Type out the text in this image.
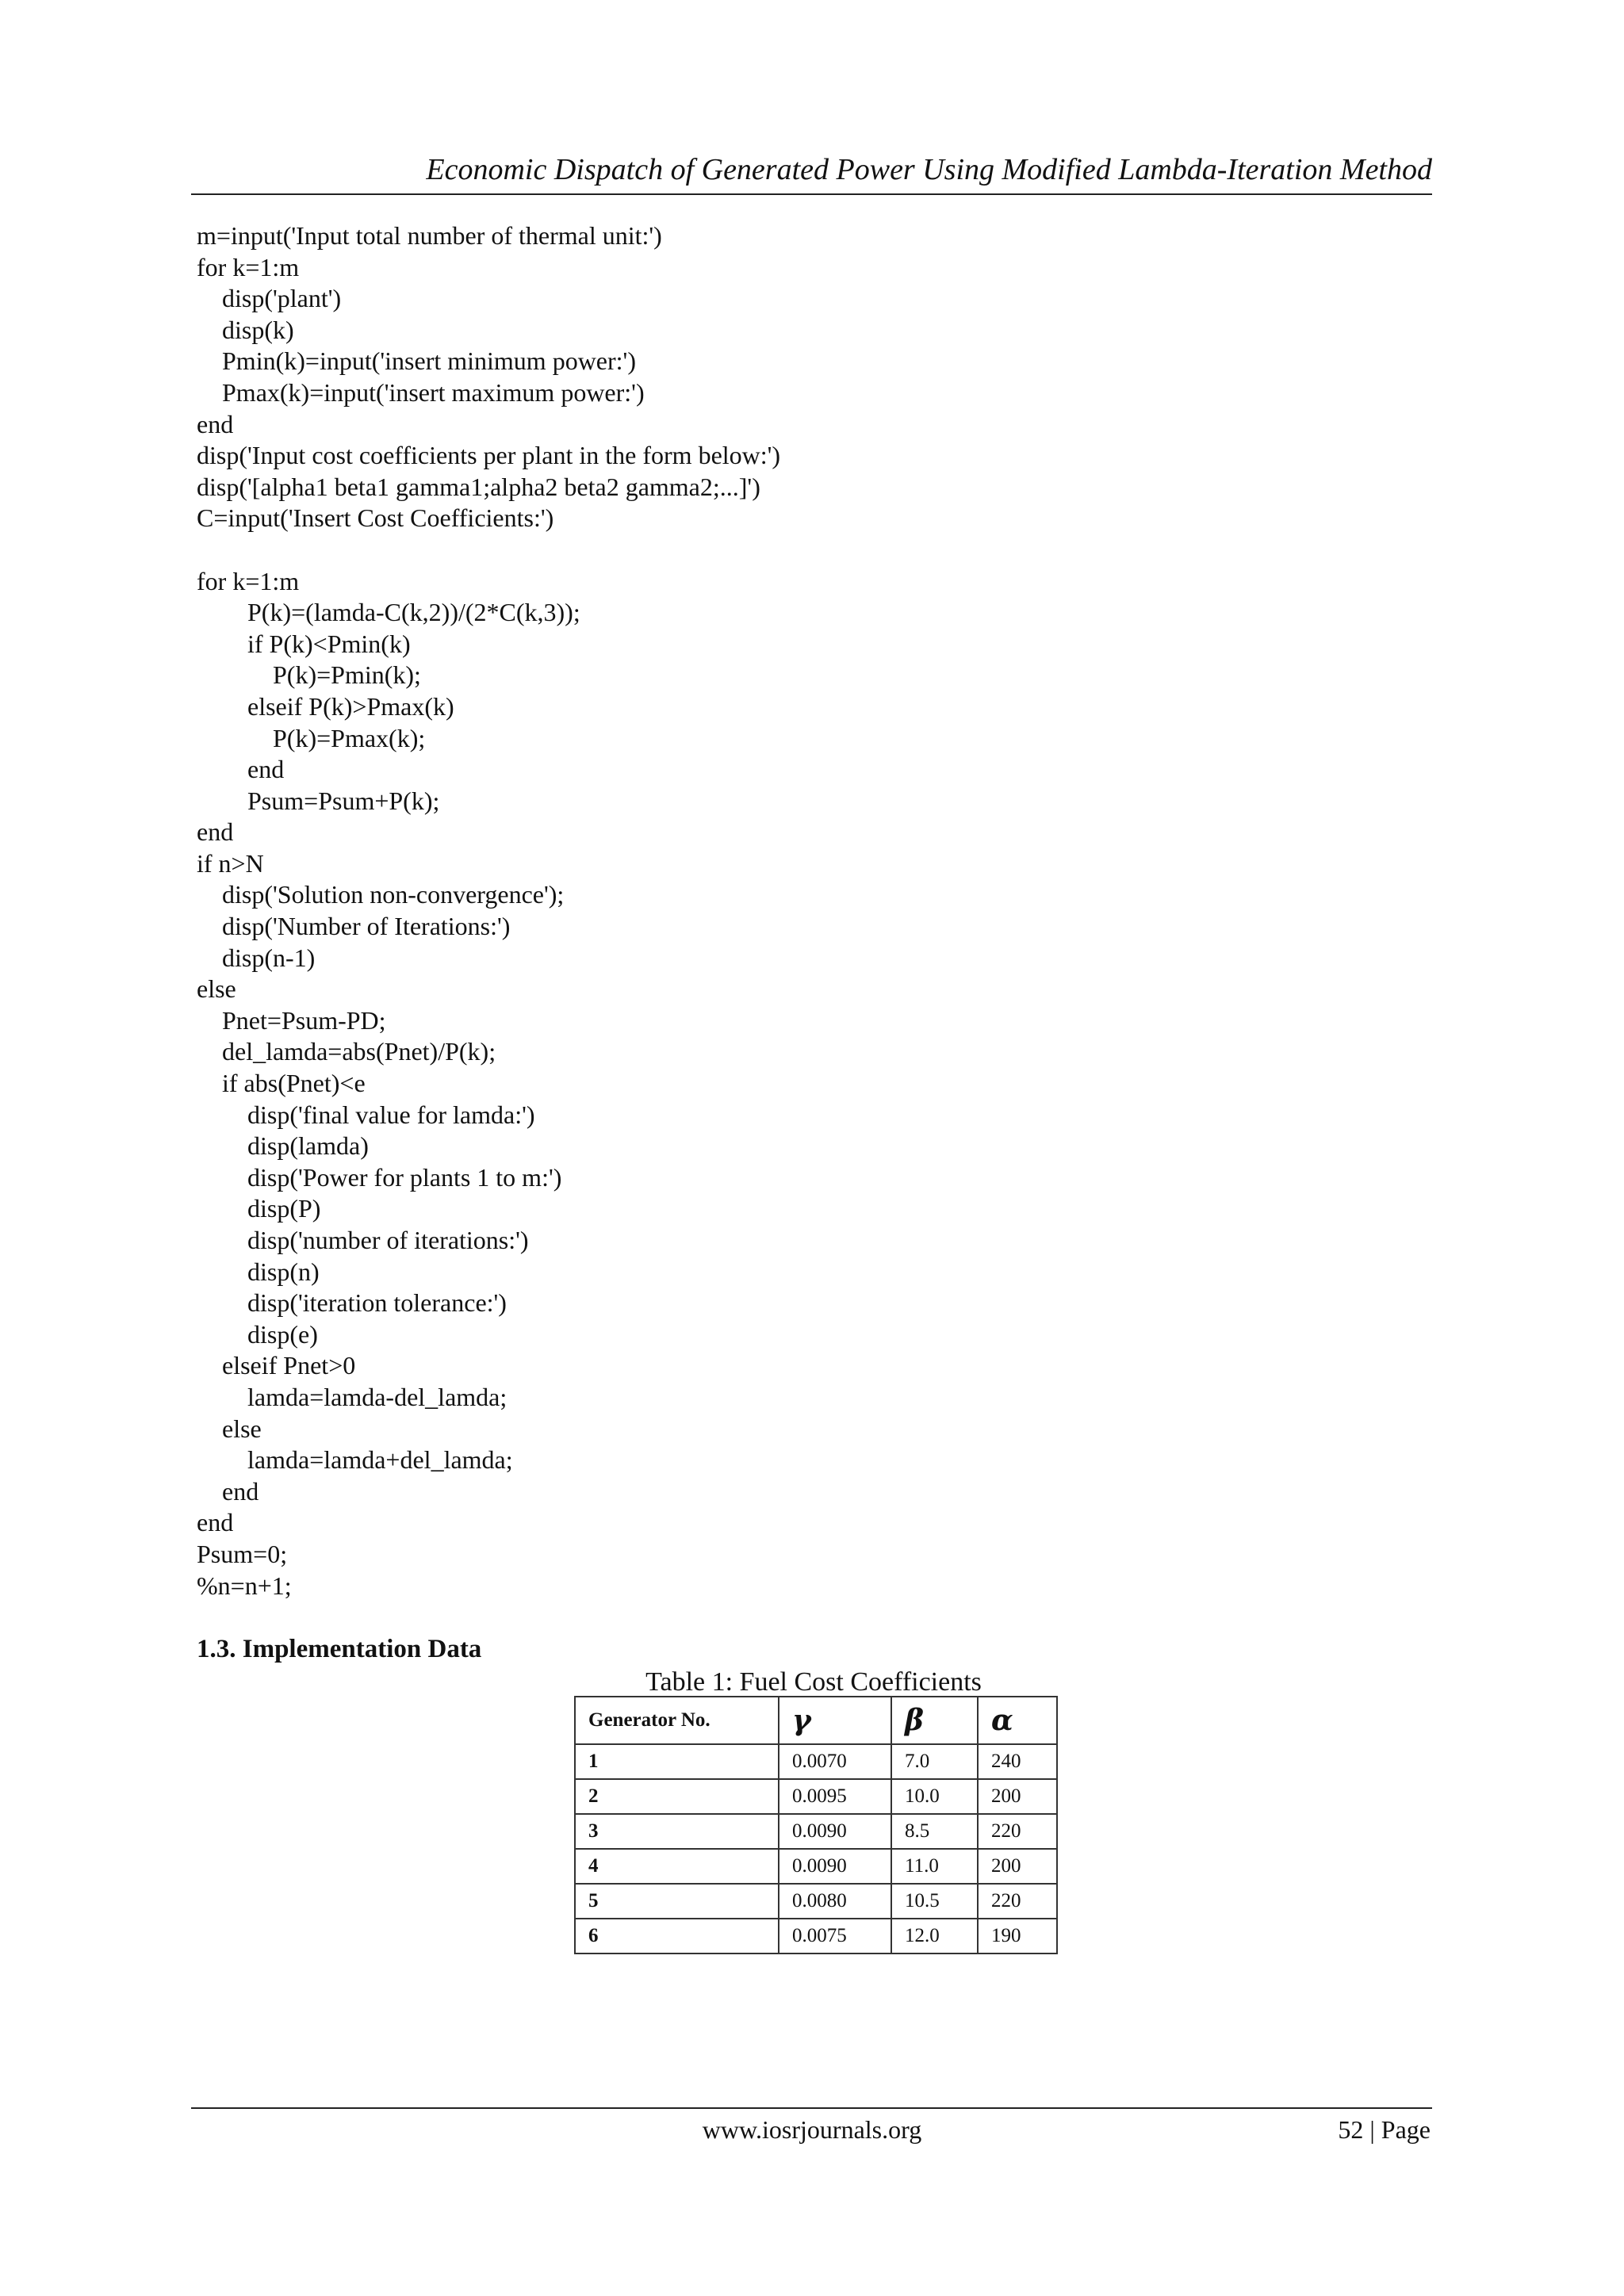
Economic Dispatch of Generated Power Using Modified Lambda-Iteration Method
m=input('Input total number of thermal unit:')
for k=1:m
disp('plant')
disp(k)
Pmin(k)=input('insert minimum power:')
Pmax(k)=input('insert maximum power:')
end
disp('Input cost coefficients per plant in the form below:')
disp('[alpha1 beta1 gamma1;alpha2 beta2 gamma2;...]')
C=input('Insert Cost Coefficients:')
for k=1:m
P(k)=(lamda-C(k,2))/(2*C(k,3));
if P(k)<Pmin(k)
P(k)=Pmin(k);
elseif P(k)>Pmax(k)
P(k)=Pmax(k);
end
Psum=Psum+P(k);
end
if n>N
disp('Solution non-convergence');
disp('Number of Iterations:')
disp(n-1)
else
Pnet=Psum-PD;
del_lamda=abs(Pnet)/P(k);
if abs(Pnet)<e
disp('final value for lamda:')
disp(lamda)
disp('Power for plants 1 to m:')
disp(P)
disp('number of iterations:')
disp(n)
disp('iteration tolerance:')
disp(e)
elseif Pnet>0
lamda=lamda-del_lamda;
else
lamda=lamda+del_lamda;
end
end
Psum=0;
%n=n+1;
1.3. Implementation Data
Table 1: Fuel Cost Coefficients
Generator No.	γ	β	α
1	0.0070	7.0	240
2	0.0095	10.0	200
3	0.0090	8.5	220
4	0.0090	11.0	200
5	0.0080	10.5	220
6	0.0075	12.0	190
www.iosrjournals.org	52 | Page
